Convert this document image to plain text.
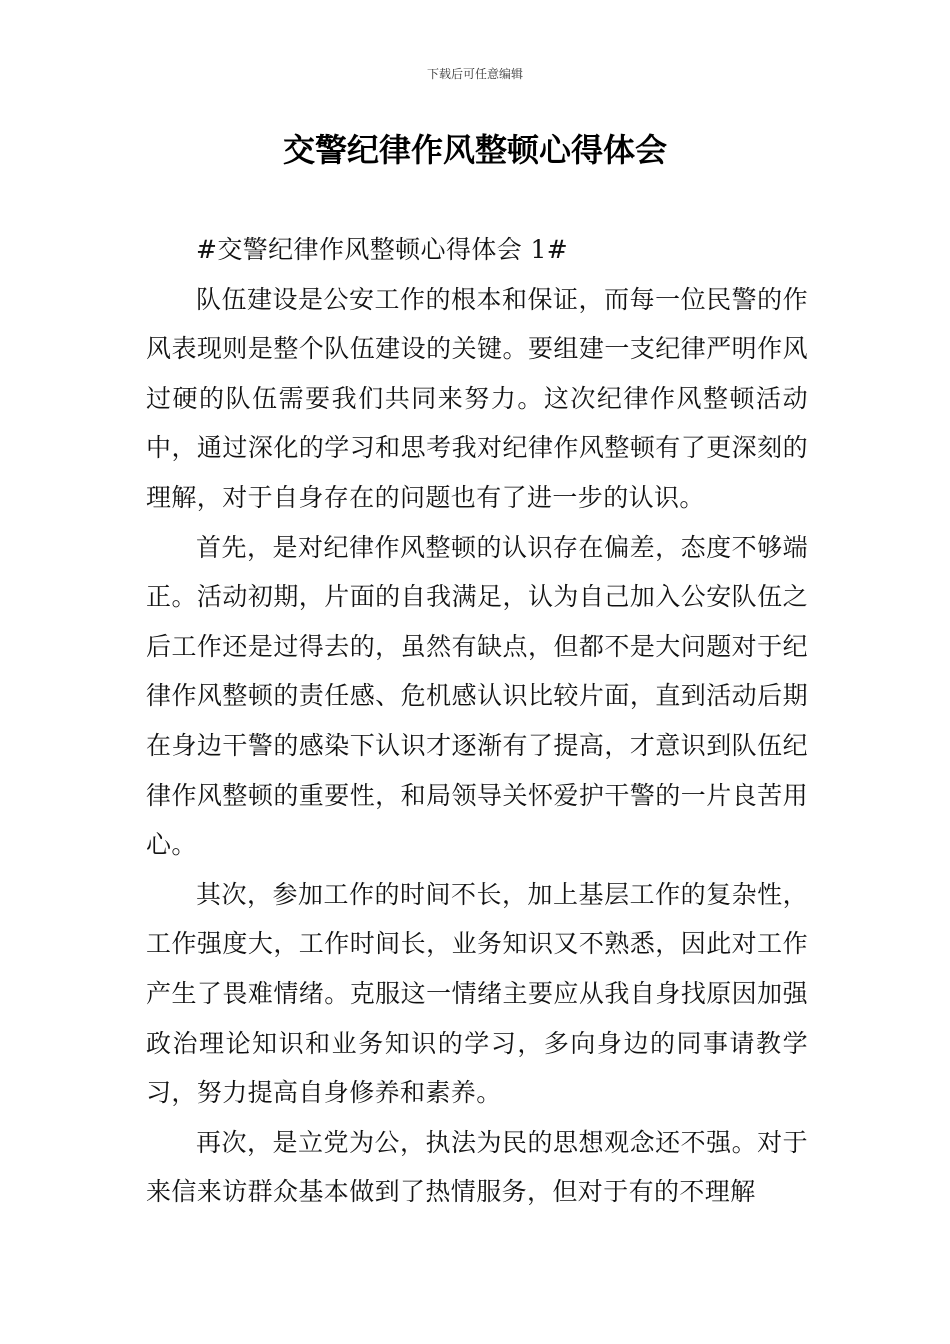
下载后可任意编辑
交警纪律作风整顿心得体会

#交警纪律作风整顿心得体会 1#

队伍建设是公安工作的根本和保证，而每一位民警的作风表现则是整个队伍建设的关键。要组建一支纪律严明作风过硬的队伍需要我们共同来努力。这次纪律作风整顿活动中，通过深化的学习和思考我对纪律作风整顿有了更深刻的理解，对于自身存在的问题也有了进一步的认识。

首先，是对纪律作风整顿的认识存在偏差，态度不够端正。活动初期，片面的自我满足，认为自己加入公安队伍之后工作还是过得去的，虽然有缺点，但都不是大问题对于纪律作风整顿的责任感、危机感认识比较片面，直到活动后期在身边干警的感染下认识才逐渐有了提高，才意识到队伍纪律作风整顿的重要性，和局领导关怀爱护干警的一片良苦用心。

其次，参加工作的时间不长，加上基层工作的复杂性，工作强度大，工作时间长，业务知识又不熟悉，因此对工作产生了畏难情绪。克服这一情绪主要应从我自身找原因加强政治理论知识和业务知识的学习，多向身边的同事请教学习，努力提高自身修养和素养。

再次，是立党为公，执法为民的思想观念还不强。对于来信来访群众基本做到了热情服务，但对于有的不理解
